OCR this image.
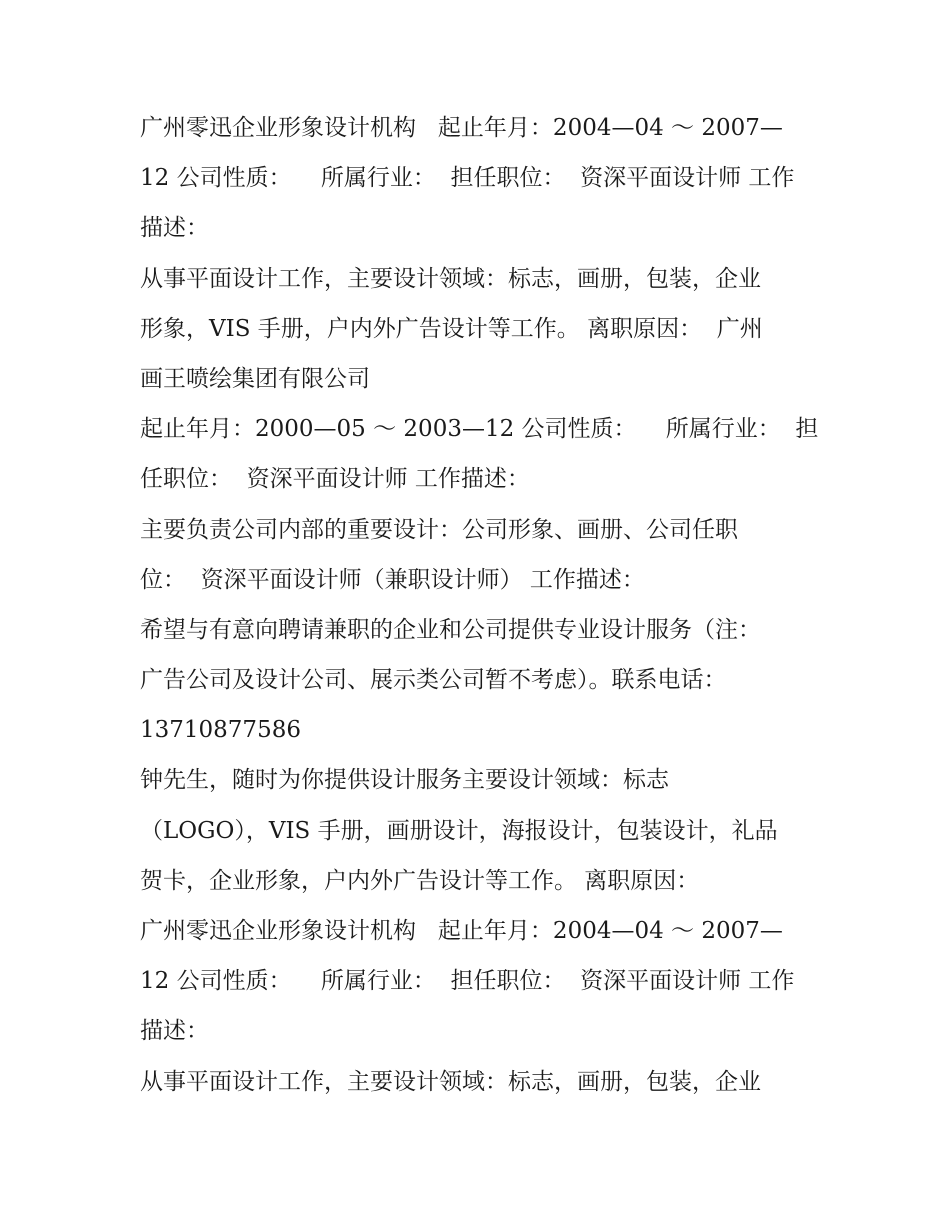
广州零迅企业形象设计机构   起止年月：2004—04 ～ 2007—
12 公司性质：    所属行业：  担任职位：  资深平面设计师 工作
描述：
从事平面设计工作，主要设计领域：标志，画册，包装，企业
形象，VIS 手册，户内外广告设计等工作。 离职原因：  广州
画王喷绘集团有限公司
起止年月：2000—05 ～ 2003—12 公司性质：    所属行业：  担
任职位：  资深平面设计师 工作描述：
主要负责公司内部的重要设计：公司形象、画册、公司任职
位：  资深平面设计师（兼职设计师） 工作描述：
希望与有意向聘请兼职的企业和公司提供专业设计服务（注：
广告公司及设计公司、展示类公司暂不考虑）。联系电话：
13710877586
钟先生，随时为你提供设计服务主要设计领域：标志
（LOGO），VIS 手册，画册设计，海报设计，包装设计，礼品
贺卡，企业形象，户内外广告设计等工作。 离职原因：
广州零迅企业形象设计机构   起止年月：2004—04 ～ 2007—
12 公司性质：    所属行业：  担任职位：  资深平面设计师 工作
描述：
从事平面设计工作，主要设计领域：标志，画册，包装，企业
